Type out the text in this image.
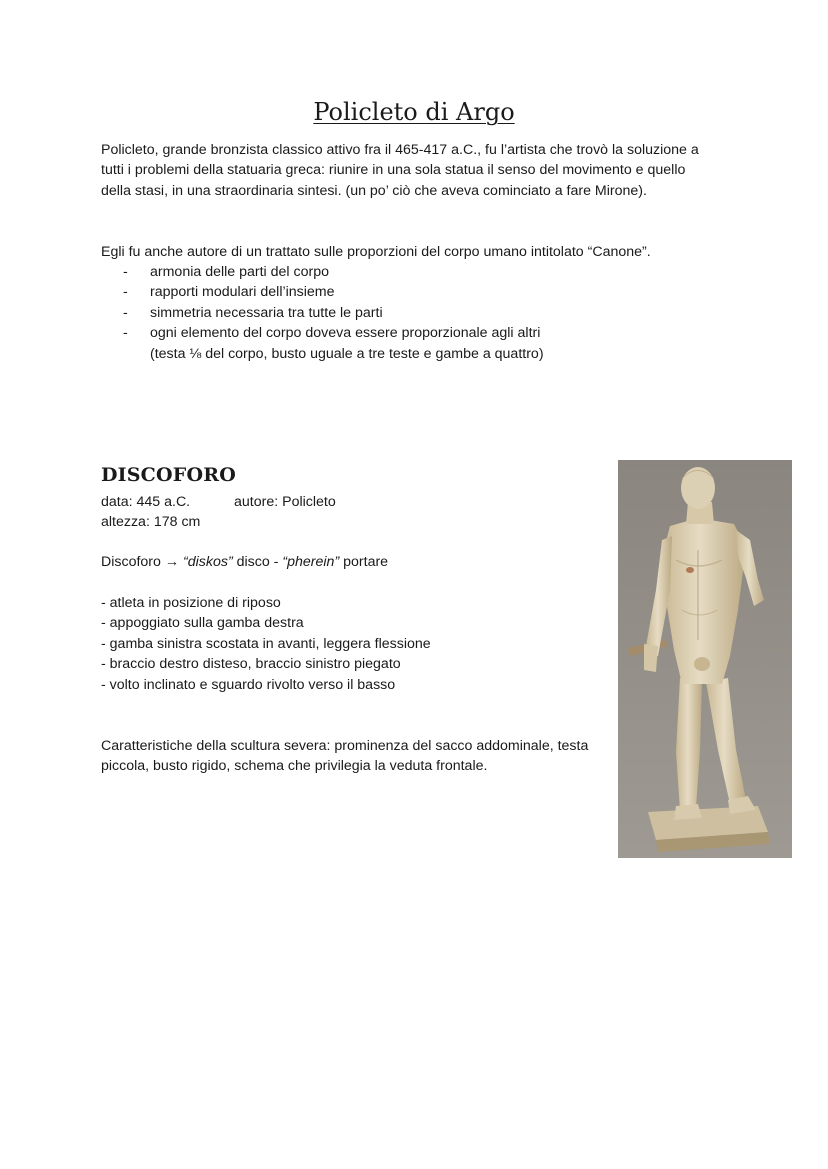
Policleto di Argo

Policleto, grande bronzista classico attivo fra il 465-417 a.C., fu l’artista che trovò la soluzione a tutti i problemi della statuaria greca: riunire in una sola statua il senso del movimento e quello della stasi, in una straordinaria sintesi. (un po’ ciò che aveva cominciato a fare Mirone).

Egli fu anche autore di un trattato sulle proporzioni del corpo umano intitolato “Canone”.

- armonia delle parti del corpo
- rapporti modulari dell’insieme
- simmetria necessaria tra tutte le parti
- ogni elemento del corpo doveva essere proporzionale agli altri
(testa ⅛ del corpo, busto uguale a tre teste e gambe a quattro)
DISCOFORO
data: 445 a.C.	autore: Policleto
altezza: 178 cm
Discoforo → “diskos” disco - “pherein” portare
- atleta in posizione di riposo
- appoggiato sulla gamba destra
- gamba sinistra scostata in avanti, leggera flessione
- braccio destro disteso, braccio sinistro piegato
- volto inclinato e sguardo rivolto verso il basso

Caratteristiche della scultura severa: prominenza del sacco addominale, testa piccola, busto rigido, schema che privilegia la veduta frontale.
